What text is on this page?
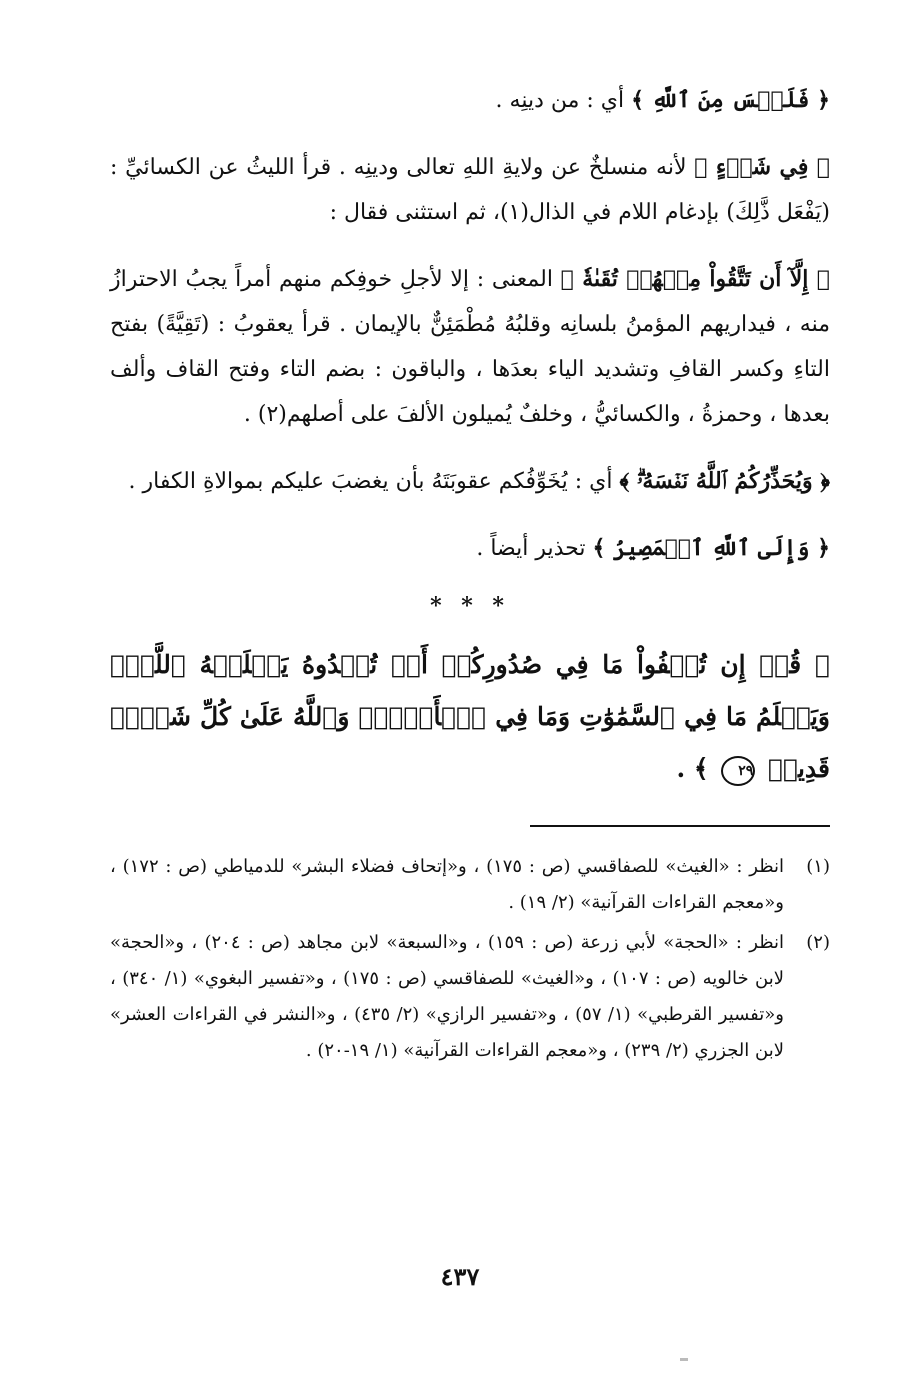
﴿ فَلَيۡسَ مِنَ ٱللَّهِ ﴾ أي : من دينِه .

﴿ فِي شَيۡءٍ ﴾ لأنه منسلخٌ عن ولايةِ اللهِ تعالى ودينِه . قرأ الليثُ عن الكسائيِّ : (يَفْعَل ذَّلِكَ) بإدغام اللام في الذال(١)، ثم استثنى فقال :

﴿ إِلَّآ أَن تَتَّقُواْ مِنۡهُمۡ تُقَىٰةٗ ﴾ المعنى : إلا لأجلِ خوفِكم منهم أمراً يجبُ الاحترازُ منه ، فيداريهم المؤمنُ بلسانِه وقلبُهُ مُطْمَئِنٌّ بالإيمان . قرأ يعقوبُ : (تَقِيَّةً) بفتح التاءِ وكسر القافِ وتشديد الياء بعدَها ، والباقون : بضم التاء وفتح القاف وألف بعدها ، وحمزةُ ، والكسائيُّ ، وخلفٌ يُميلون الألفَ على أصلهم(٢) .

﴿ وَيُحَذِّرُكُمُ ٱللَّهُ نَفۡسَهُۥۗ ﴾ أي : يُخَوِّفُكم عقوبَتَهُ بأن يغضبَ عليكم بموالاةِ الكفار .

﴿ وَإِلَى ٱللَّهِ ٱلۡمَصِيرُ ﴾ تحذير أيضاً .

* * *
﴿ قُلۡ إِن تُخۡفُواْ مَا فِي صُدُورِكُمۡ أَوۡ تُبۡدُوهُ يَعۡلَمۡهُ ٱللَّهُۗ وَيَعۡلَمُ مَا فِي ٱلسَّمَٰوَٰتِ وَمَا فِي ٱلۡأَرۡضِۗ وَٱللَّهُ عَلَىٰ كُلِّ شَيۡءٖ قَدِيرٞ ٢٩ ﴾ .
(١)
انظر : «الغيث» للصفاقسي (ص : ١٧٥) ، و«إتحاف فضلاء البشر» للدمياطي (ص : ١٧٢) ، و«معجم القراءات القرآنية» (٢/ ١٩) .
(٢)
انظر : «الحجة» لأبي زرعة (ص : ١٥٩) ، و«السبعة» لابن مجاهد (ص : ٢٠٤) ، و«الحجة» لابن خالويه (ص : ١٠٧) ، و«الغيث» للصفاقسي (ص : ١٧٥) ، و«تفسير البغوي» (١/ ٣٤٠) ، و«تفسير القرطبي» (١/ ٥٧) ، و«تفسير الرازي» (٢/ ٤٣٥) ، و«النشر في القراءات العشر» لابن الجزري (٢/ ٢٣٩) ، و«معجم القراءات القرآنية» (١/ ١٩-٢٠) .
٤٣٧
